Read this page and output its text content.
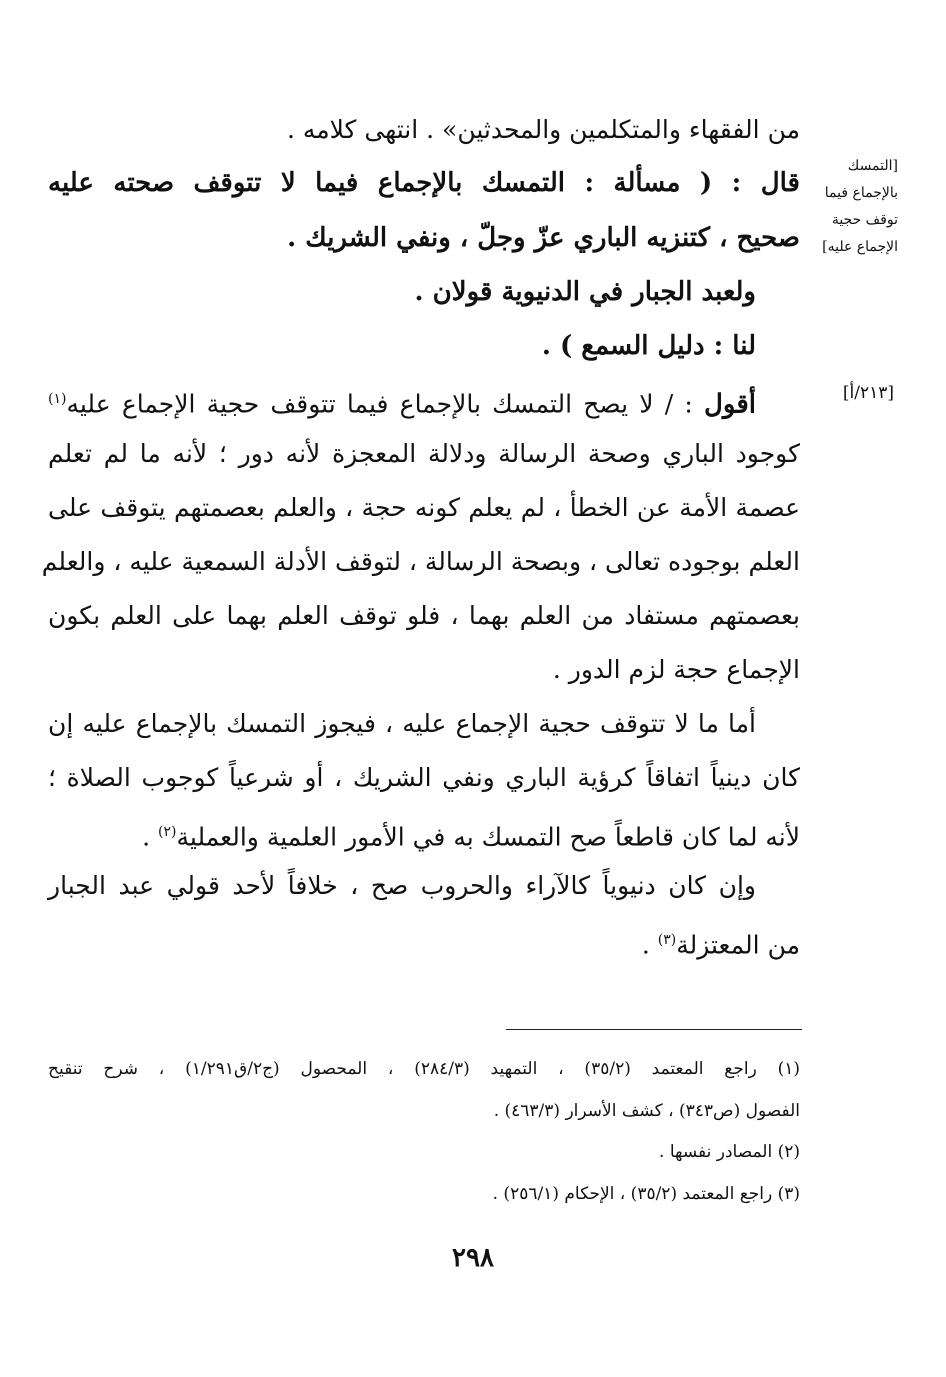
من الفقهاء والمتكلمين والمحدثين» . انتهى كلامه .
قال : ( مسألة : التمسك بالإجماع فيما لا تتوقف صحته عليه
صحيح ، كتنزيه الباري عزّ وجلّ ، ونفي الشريك .
ولعبد الجبار في الدنيوية قولان .
لنا : دليل السمع ) .
[التمسك
بالإجماع فيما
توقف حجية
الإجماع عليه]
[٢١٣/أ]
أقول : / لا يصح التمسك بالإجماع فيما تتوقف حجية الإجماع عليه$^{(١)}$
كوجود الباري وصحة الرسالة ودلالة المعجزة لأنه دور ؛ لأنه ما لم تعلم
عصمة الأمة عن الخطأ ، لم يعلم كونه حجة ، والعلم بعصمتهم يتوقف على
العلم بوجوده تعالى ، وبصحة الرسالة ، لتوقف الأدلة السمعية عليه ، والعلم
بعصمتهم مستفاد من العلم بهما ، فلو توقف العلم بهما على العلم بكون
الإجماع حجة لزم الدور .
أما ما لا تتوقف حجية الإجماع عليه ، فيجوز التمسك بالإجماع عليه إن
كان دينياً اتفاقاً كرؤية الباري ونفي الشريك ، أو شرعياً كوجوب الصلاة ؛
لأنه لما كان قاطعاً صح التمسك به في الأمور العلمية والعملية$^{(٢)}$ .
وإن كان دنيوياً كالآراء والحروب صح ، خلافاً لأحد قولي عبد الجبار
من المعتزلة$^{(٣)}$ .
(١) راجع المعتمد (٣٥/٢) ، التمهيد (٢٨٤/٣) ، المحصول (ج٢/ق١/٢٩١) ، شرح تنقيح
الفصول (ص٣٤٣) ، كشف الأسرار (٤٦٣/٣) .
(٢) المصادر نفسها .
(٣) راجع المعتمد (٣٥/٢) ، الإحكام (٢٥٦/١) .
٢٩٨
